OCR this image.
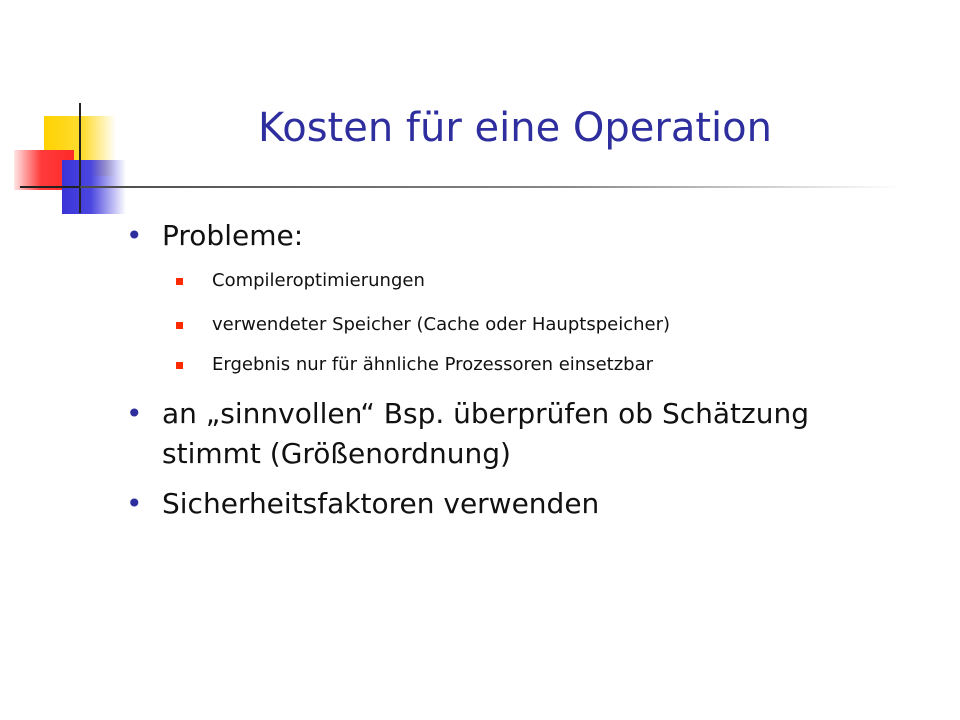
Kosten für eine Operation
• Probleme:
Compileroptimierungen
verwendeter Speicher (Cache oder Hauptspeicher)
Ergebnis nur für ähnliche Prozessoren einsetzbar
• an „sinnvollen“ Bsp. überprüfen ob Schätzung
stimmt (Größenordnung)
• Sicherheitsfaktoren verwenden
